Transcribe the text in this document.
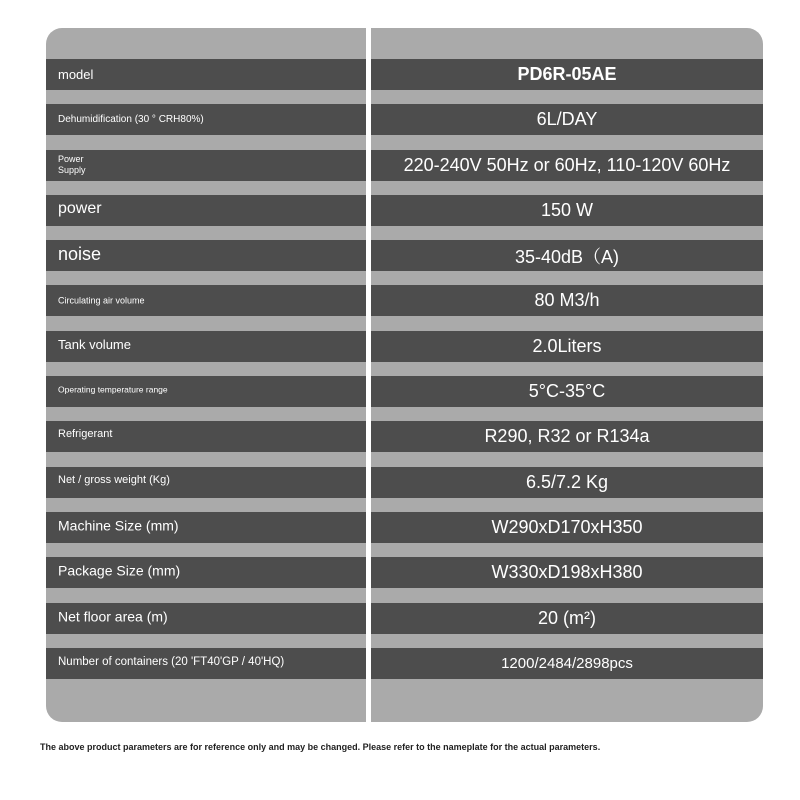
model	PD6R-05AE
Dehumidification (30 ° CRH80%)	6L/DAY
Power Supply	220-240V 50Hz or 60Hz, 110-120V 60Hz
power	150 W
noise	35-40dB（A)
Circulating air volume	80 M3/h
Tank volume	2.0Liters
Operating temperature range	5°C-35°C
Refrigerant	R290, R32 or R134a
Net / gross weight (Kg)	6.5/7.2 Kg
Machine Size (mm)	W290xD170xH350
Package Size (mm)	W330xD198xH380
Net floor area (m)	20 (m²)
Number of containers (20 'FT40'GP / 40'HQ)	1200/2484/2898pcs
The above product parameters are for reference only and may be changed. Please refer to the nameplate for the actual parameters.
